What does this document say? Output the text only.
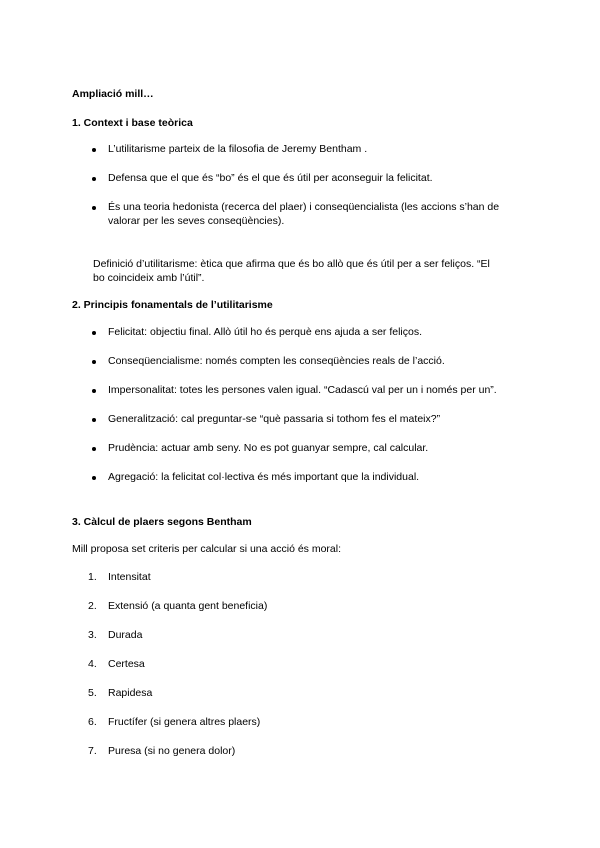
Ampliació mill…
1. Context i base teòrica
L’utilitarisme parteix de la filosofia de Jeremy Bentham .
Defensa que el que és “bo” és el que és útil per aconseguir la felicitat.
És una teoria hedonista (recerca del plaer) i conseqüencialista (les accions s’han de
valorar per les seves conseqüències).
Definició d’utilitarisme: ètica que afirma que és bo allò que és útil per a ser feliços. “El
bo coincideix amb l’útil”.
2. Principis fonamentals de l’utilitarisme
Felicitat: objectiu final. Allò útil ho és perquè ens ajuda a ser feliços.
Conseqüencialisme: només compten les conseqüències reals de l’acció.
Impersonalitat: totes les persones valen igual. “Cadascú val per un i només per un”.
Generalització: cal preguntar-se “què passaria si tothom fes el mateix?”
Prudència: actuar amb seny. No es pot guanyar sempre, cal calcular.
Agregació: la felicitat col·lectiva és més important que la individual.
3. Càlcul de plaers segons Bentham
Mill proposa set criteris per calcular si una acció és moral:
1. Intensitat
2. Extensió (a quanta gent beneficia)
3. Durada
4. Certesa
5. Rapidesa
6. Fructífer (si genera altres plaers)
7. Puresa (si no genera dolor)
